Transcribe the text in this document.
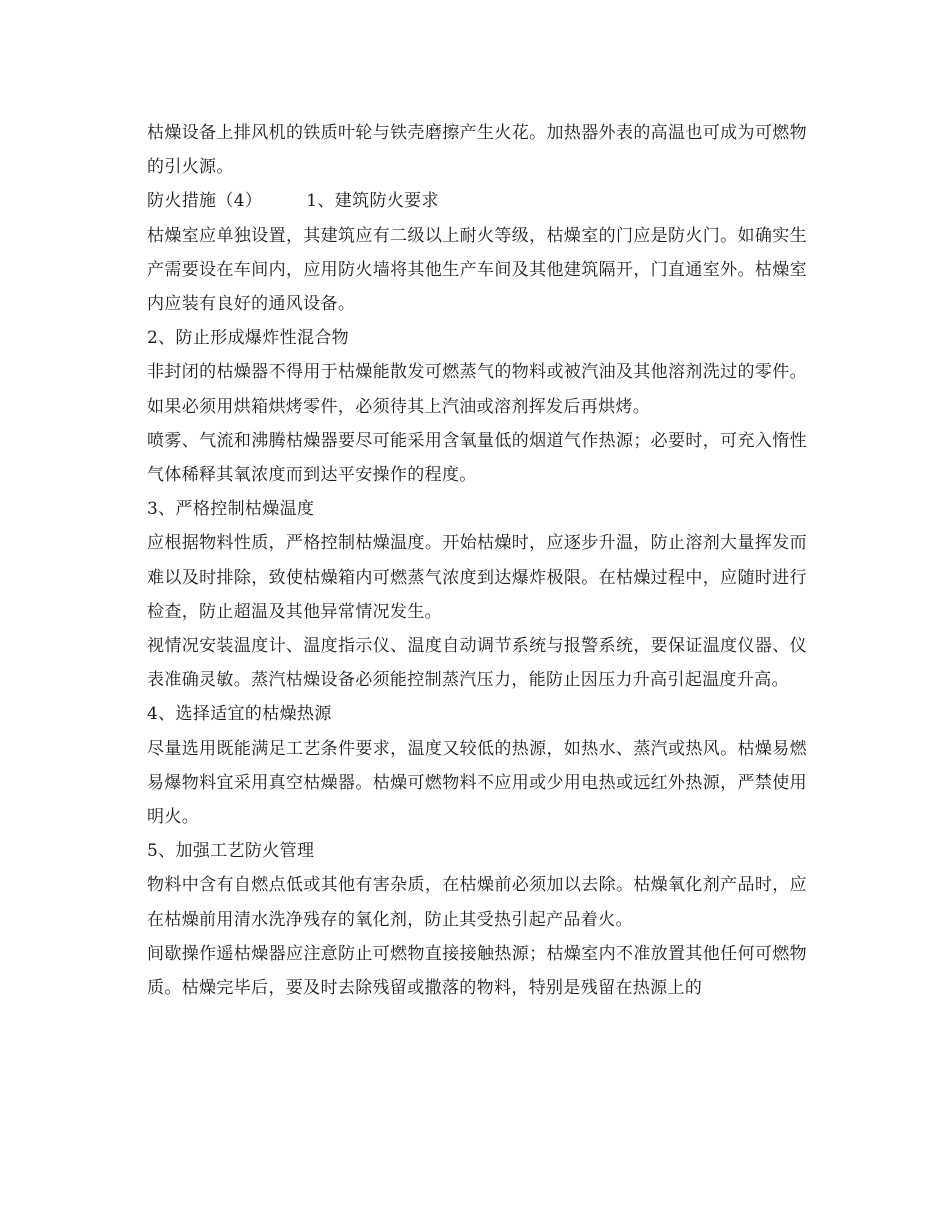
枯燥设备上排风机的铁质叶轮与铁壳磨擦产生火花。加热器外表的高温也可成为可燃物的引火源。

防火措施（4）	1、建筑防火要求

枯燥室应单独设置，其建筑应有二级以上耐火等级，枯燥室的门应是防火门。如确实生产需要设在车间内，应用防火墙将其他生产车间及其他建筑隔开，门直通室外。枯燥室内应装有良好的通风设备。

2、防止形成爆炸性混合物

非封闭的枯燥器不得用于枯燥能散发可燃蒸气的物料或被汽油及其他溶剂洗过的零件。如果必须用烘箱烘烤零件，必须待其上汽油或溶剂挥发后再烘烤。

喷雾、气流和沸腾枯燥器要尽可能采用含氧量低的烟道气作热源；必要时，可充入惰性气体稀释其氧浓度而到达平安操作的程度。

3、严格控制枯燥温度

应根据物料性质，严格控制枯燥温度。开始枯燥时，应逐步升温，防止溶剂大量挥发而难以及时排除，致使枯燥箱内可燃蒸气浓度到达爆炸极限。在枯燥过程中，应随时进行检查，防止超温及其他异常情况发生。

视情况安装温度计、温度指示仪、温度自动调节系统与报警系统，要保证温度仪器、仪表准确灵敏。蒸汽枯燥设备必须能控制蒸汽压力，能防止因压力升高引起温度升高。

4、选择适宜的枯燥热源

尽量选用既能满足工艺条件要求，温度又较低的热源，如热水、蒸汽或热风。枯燥易燃易爆物料宜采用真空枯燥器。枯燥可燃物料不应用或少用电热或远红外热源，严禁使用明火。

5、加强工艺防火管理

物料中含有自燃点低或其他有害杂质，在枯燥前必须加以去除。枯燥氧化剂产品时，应在枯燥前用清水洗净残存的氧化剂，防止其受热引起产品着火。

间歇操作遥枯燥器应注意防止可燃物直接接触热源；枯燥室内不准放置其他任何可燃物质。枯燥完毕后，要及时去除残留或撒落的物料，特别是残留在热源上的
